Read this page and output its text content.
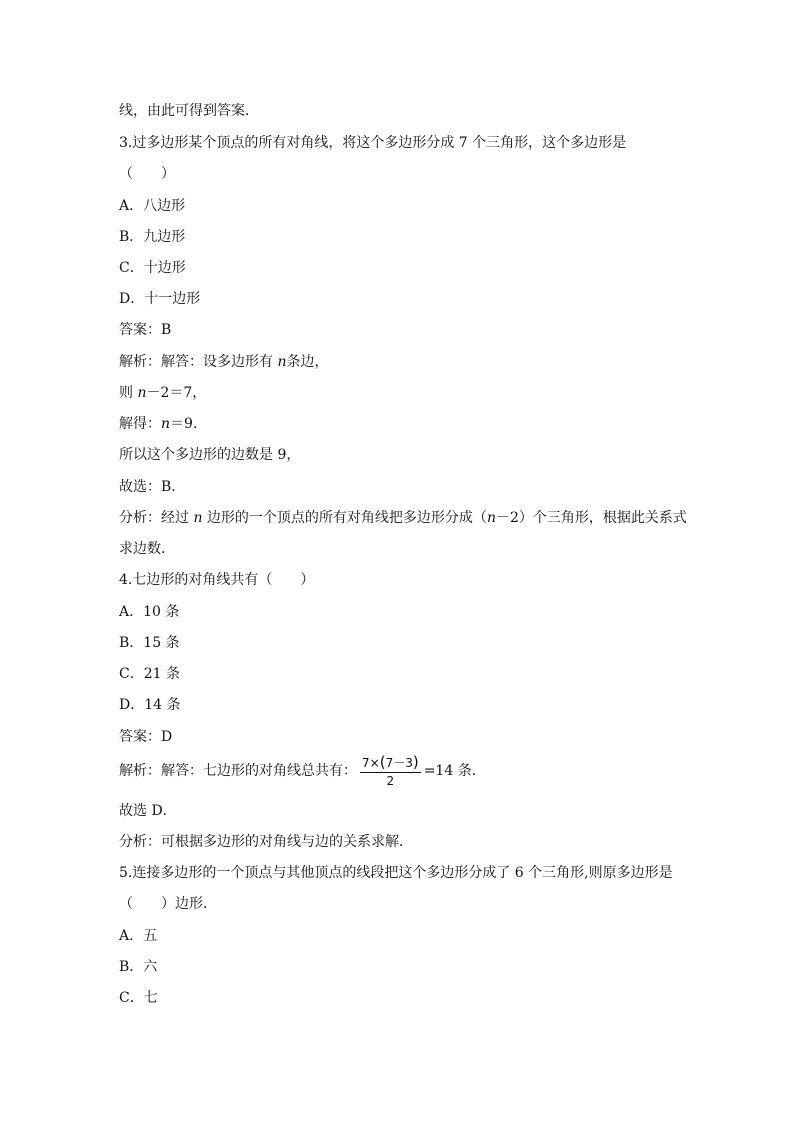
线，由此可得到答案．
3.过多边形某个顶点的所有对角线，将这个多边形分成 7 个三角形，这个多边形是
（　　）
A．八边形
B．九边形
C．十边形
D．十一边形
答案：B
解析：解答：设多边形有 n条边，
则 n－2＝7，
解得：n＝9．
所以这个多边形的边数是 9，
故选：B．
分析：经过 n 边形的一个顶点的所有对角线把多边形分成（n－2）个三角形，根据此关系式
求边数．
4.七边形的对角线共有（　　）
A．10 条
B．15 条
C．21 条
D．14 条
答案：D
解析：解答：七边形的对角线总共有： $\frac{7\times(7-3)}{2} =14$ 条．
故选 D．
分析：可根据多边形的对角线与边的关系求解．
5.连接多边形的一个顶点与其他顶点的线段把这个多边形分成了 6 个三角形,则原多边形是
（　　）边形．
A．五
B．六
C．七
